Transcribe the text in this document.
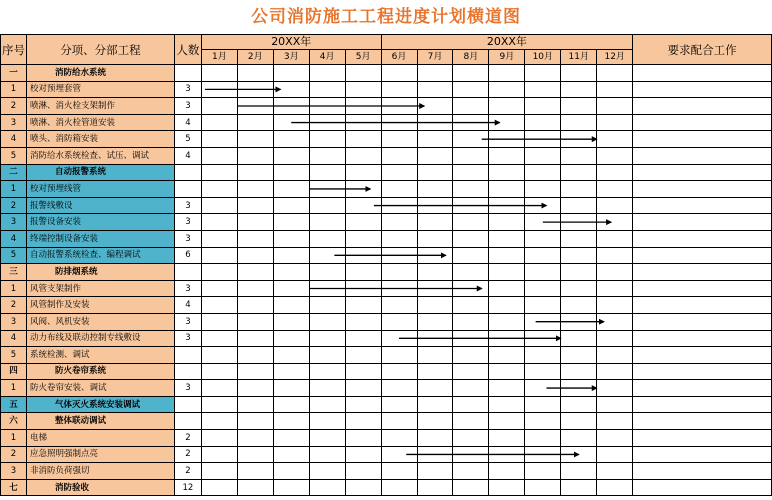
公司消防施工工程进度计划横道图
序号	分项、分部工程	人数	20XX年					20XX年							要求配合工作
			1月	2月	3月	4月	5月	6月	7月	8月	9月	10月	11月	12月	
一	消防给水系统														
1	校对预埋套管	3													
2	喷淋、消火栓支架制作	3													
3	喷淋、消火栓管道安装	4													
4	喷头、消防箱安装	5													
5	消防给水系统检查、试压、调试	4													
二	自动报警系统														
1	校对预埋线管														
2	报警线敷设	3													
3	报警设备安装	3													
4	终端控制设备安装	3													
5	自动报警系统检查、编程调试	6													
三	防排烟系统														
1	风管支架制作	3													
2	风管制作及安装	4													
3	风阀、风机安装	3													
4	动力布线及联动控制专线敷设	3													
5	系统检测、调试														
四	防火卷帘系统														
1	防火卷帘安装、调试	3													
五	气体灭火系统安装调试														
六	整体联动调试														
1	电梯	2													
2	应急照明强制点亮	2													
3	非消防负荷强切	2													
七	消防验收	12													
